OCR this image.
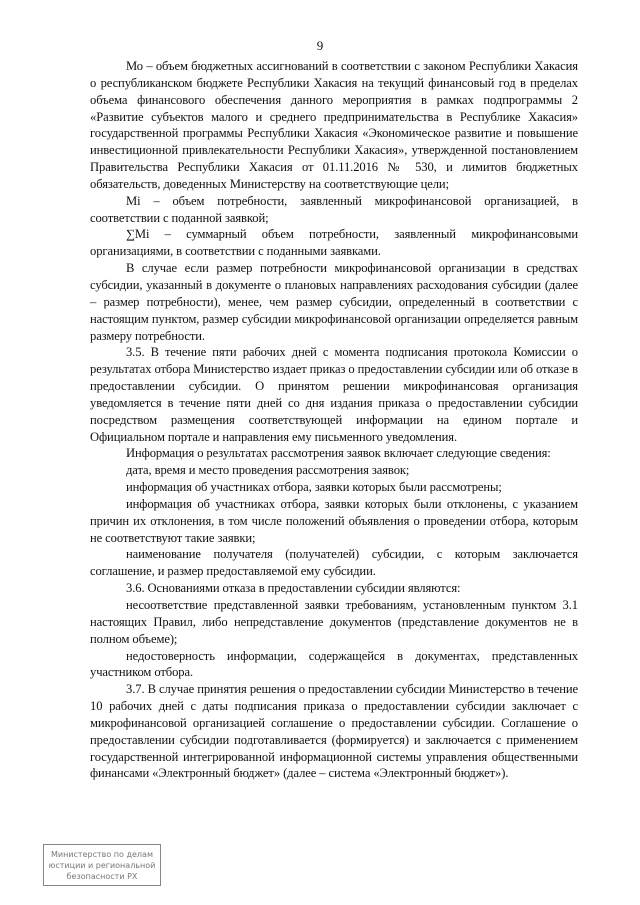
9

Мо – объем бюджетных ассигнований в соответствии с законом Республики Хакасия о республиканском бюджете Республики Хакасия на текущий финансовый год в пределах объема финансового обеспечения данного мероприятия в рамках подпрограммы 2 «Развитие субъектов малого и среднего предпринимательства в Республике Хакасия» государственной программы Республики Хакасия «Экономическое развитие и повышение инвестиционной привлекательности Республики Хакасия», утвержденной постановлением Правительства Республики Хакасия от 01.11.2016 № 530, и лимитов бюджетных обязательств, доведенных Министерству на соответствующие цели;

Mi – объем потребности, заявленный микрофинансовой организацией, в соответствии с поданной заявкой;

∑Mi – суммарный объем потребности, заявленный микрофинансовыми организациями, в соответствии с поданными заявками.

В случае если размер потребности микрофинансовой организации в средствах субсидии, указанный в документе о плановых направлениях расходования субсидии (далее – размер потребности), менее, чем размер субсидии, определенный в соответствии с настоящим пунктом, размер субсидии микрофинансовой организации определяется равным размеру потребности.

3.5. В течение пяти рабочих дней с момента подписания протокола Комиссии о результатах отбора Министерство издает приказ о предоставлении субсидии или об отказе в предоставлении субсидии. О принятом решении микрофинансовая организация уведомляется в течение пяти дней со дня издания приказа о предоставлении субсидии посредством размещения соответствующей информации на едином портале и Официальном портале и направления ему письменного уведомления.

Информация о результатах рассмотрения заявок включает следующие сведения:

дата, время и место проведения рассмотрения заявок;

информация об участниках отбора, заявки которых были рассмотрены;

информация об участниках отбора, заявки которых были отклонены, с указанием причин их отклонения, в том числе положений объявления о проведении отбора, которым не соответствуют такие заявки;

наименование получателя (получателей) субсидии, с которым заключается соглашение, и размер предоставляемой ему субсидии.

3.6. Основаниями отказа в предоставлении субсидии являются:

несоответствие представленной заявки требованиям, установленным пунктом 3.1 настоящих Правил, либо непредставление документов (представление документов не в полном объеме);

недостоверность информации, содержащейся в документах, представленных участником отбора.

3.7. В случае принятия решения о предоставлении субсидии Министерство в течение 10 рабочих дней с даты подписания приказа о предоставлении субсидии заключает с микрофинансовой организацией соглашение о предоставлении субсидии. Соглашение о предоставлении субсидии подготавливается (формируется) и заключается с применением государственной интегрированной информационной системы управления общественными финансами «Электронный бюджет» (далее – система «Электронный бюджет»).

Министерство по делам
юстиции и региональной
безопасности РХ
